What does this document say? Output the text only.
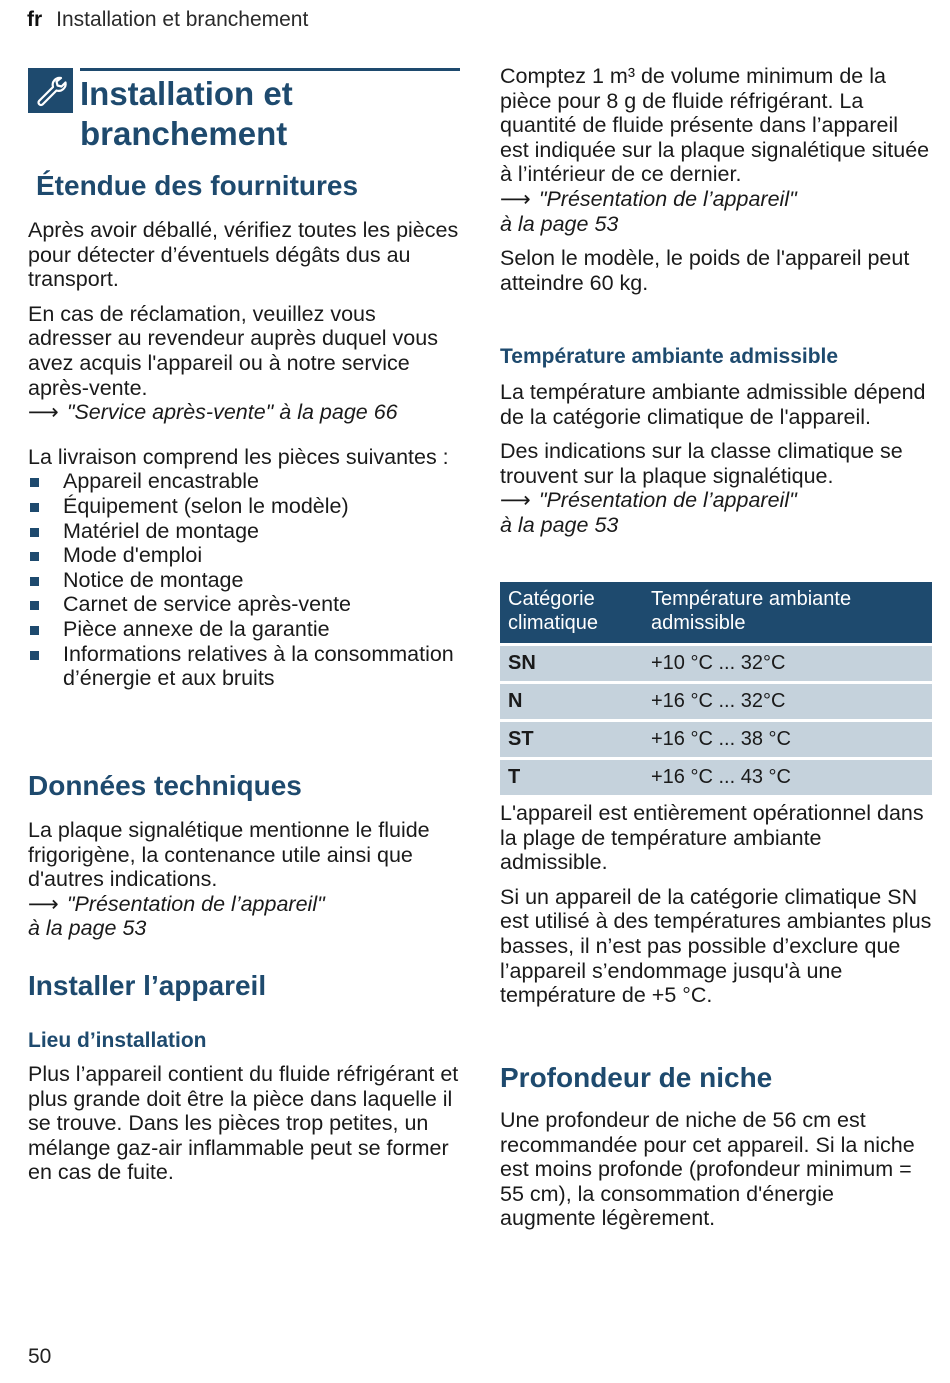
fr Installation et branchement
Installation et
branchement
Étendue des fournitures

Après avoir déballé, vérifiez toutes les pièces pour détecter d’éventuels dégâts dus au transport.

En cas de réclamation, veuillez vous adresser au revendeur auprès duquel vous avez acquis l'appareil ou à notre service après-vente.

⟶ "Service après-vente" à la page 66

La livraison comprend les pièces suivantes :

Appareil encastrable
Équipement (selon le modèle)
Matériel de montage
Mode d'emploi
Notice de montage
Carnet de service après-vente
Pièce annexe de la garantie
Informations relatives à la consommation d’énergie et aux bruits
Données techniques

La plaque signalétique mentionne le fluide frigorigène, la contenance utile ainsi que d'autres indications.

⟶ "Présentation de l’appareil"

à la page 53

Installer l’appareil
Lieu d’installation

Plus l’appareil contient du fluide réfrigérant et plus grande doit être la pièce dans laquelle il se trouve. Dans les pièces trop petites, un mélange gaz-air inflammable peut se former en cas de fuite.

Comptez 1 m³ de volume minimum de la pièce pour 8 g de fluide réfrigérant. La quantité de fluide présente dans l’appareil est indiquée sur la plaque signalétique située à l’intérieur de ce dernier.

⟶ "Présentation de l’appareil"

à la page 53

Selon le modèle, le poids de l'appareil peut atteindre 60 kg.

Température ambiante admissible

La température ambiante admissible dépend de la catégorie climatique de l'appareil.

Des indications sur la classe climatique se trouvent sur la plaque signalétique.

⟶ "Présentation de l’appareil"

à la page 53

Catégorie climatique	Température ambiante admissible
SN	+10 °C ... 32°C
N	+16 °C ... 32°C
ST	+16 °C ... 38 °C
T	+16 °C ... 43 °C

L'appareil est entièrement opérationnel dans la plage de température ambiante admissible.

Si un appareil de la catégorie climatique SN est utilisé à des températures ambiantes plus basses, il n’est pas possible d’exclure que l’appareil s’endommage jusqu'à une température de +5 °C.

Profondeur de niche

Une profondeur de niche de 56 cm est recommandée pour cet appareil. Si la niche est moins profonde (profondeur minimum = 55 cm), la consommation d'énergie augmente légèrement.

50
